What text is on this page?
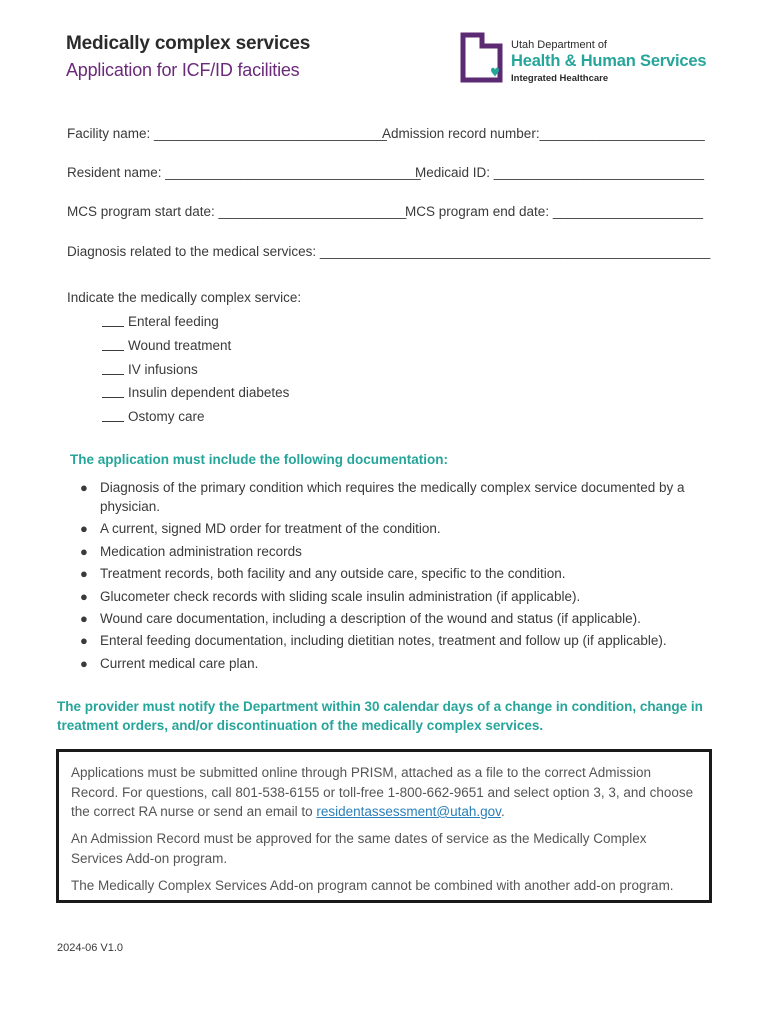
Medically complex services
Application for ICF/ID facilities
Utah Department of
Health & Human Services
Integrated Healthcare
Facility name: _______________________________
Admission record number:______________________
Resident name: __________________________________
Medicaid ID: ____________________________
MCS program start date: _________________________
MCS program end date: ____________________
Diagnosis related to the medical services: ____________________________________________________
Indicate the medically complex service:
Enteral feeding
Wound treatment
IV infusions
Insulin dependent diabetes
Ostomy care
The application must include the following documentation:
● Diagnosis of the primary condition which requires the medically complex service documented by a physician.
● A current, signed MD order for treatment of the condition.
● Medication administration records
● Treatment records, both facility and any outside care, specific to the condition.
● Glucometer check records with sliding scale insulin administration (if applicable).
● Wound care documentation, including a description of the wound and status (if applicable).
● Enteral feeding documentation, including dietitian notes, treatment and follow up (if applicable).
● Current medical care plan.
The provider must notify the Department within 30 calendar days of a change in condition, change in treatment orders, and/or discontinuation of the medically complex services.

Applications must be submitted online through PRISM, attached as a file to the correct Admission Record. For questions, call 801-538-6155 or toll-free 1-800-662-9651 and select option 3, 3, and choose the correct RA nurse or send an email to residentassessment@utah.gov.

An Admission Record must be approved for the same dates of service as the Medically Complex Services Add-on program.

The Medically Complex Services Add-on program cannot be combined with another add-on program.

2024-06 V1.0
